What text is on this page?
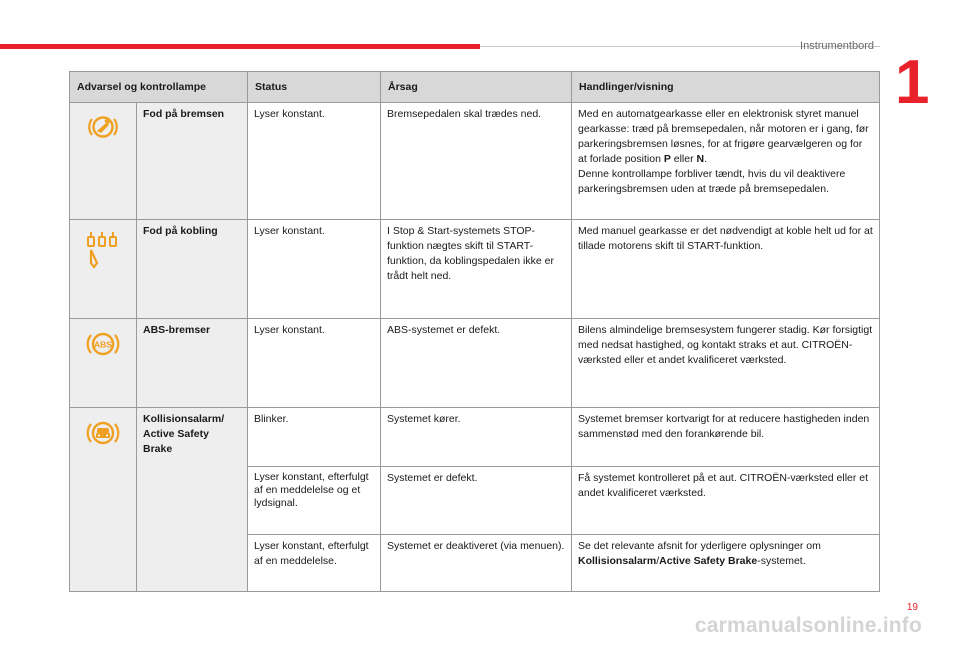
Instrumentbord
1
Advarsel og kontrollampe		Status	Årsag	Handlinger/visning
	Fod på bremsen	Lyser konstant.	Bremsepedalen skal trædes ned.	Med en automatgearkasse eller en elektronisk styret manuel gearkasse: træd på bremsepedalen, når motoren er i gang, før parkeringsbremsen løsnes, for at frigøre gearvælgeren og for at forlade position P eller N.
Denne kontrollampe forbliver tændt, hvis du vil deaktivere parkeringsbremsen uden at træde på bremsepedalen.
	Fod på kobling	Lyser konstant.	I Stop & Start-systemets STOP-funktion nægtes skift til START-funktion, da koblingspedalen ikke er trådt helt ned.	Med manuel gearkasse er det nødvendigt at koble helt ud for at tillade motorens skift til START-funktion.

ABS	ABS-bremser	Lyser konstant.	ABS-systemet er defekt.	Bilens almindelige bremsesystem fungerer stadig. Kør forsigtigt med nedsat hastighed, og kontakt straks et aut. CITROËN-værksted eller et andet kvalificeret værksted.
	Kollisionsalarm/ Active Safety Brake	Blinker.	Systemet kører.	Systemet bremser kortvarigt for at reducere hastigheden inden sammenstød med den forankørende bil.
		Lyser konstant, efterfulgt af en meddelelse og et lydsignal.	Systemet er defekt.	Få systemet kontrolleret på et aut. CITROËN-værksted eller et andet kvalificeret værksted.
		Lyser konstant, efterfulgt af en meddelelse.	Systemet er deaktiveret (via menuen).	Se det relevante afsnit for yderligere oplysninger om Kollisionsalarm/Active Safety Brake-systemet.
19
carmanualsonline.info
